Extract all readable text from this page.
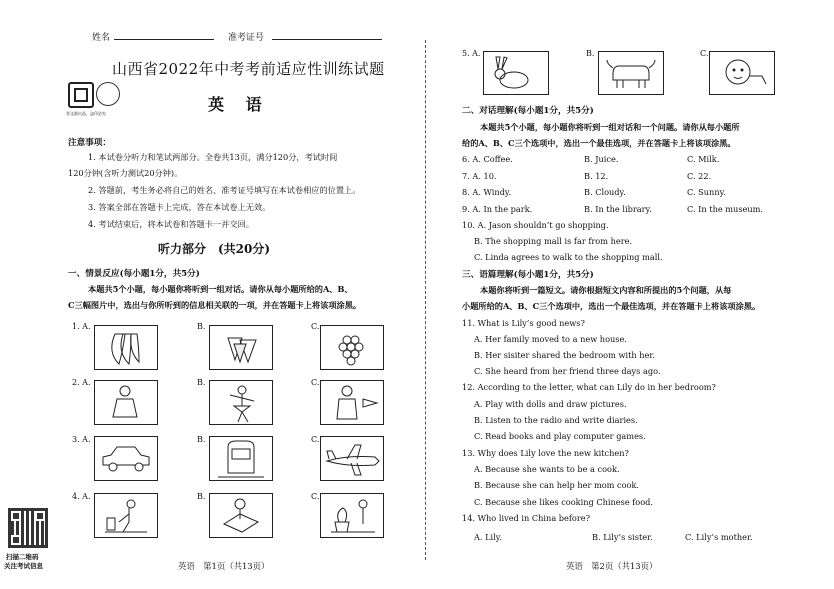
姓名	准考证号
山西省2022年中考考前适应性训练试题
晋文源出品，盗印必究	英 语
注意事项：
1. 本试卷分听力和笔试两部分。全卷共13页，满分120分，考试时间
120分钟(含听力测试20分钟)。
2. 答题前，考生务必将自己的姓名、准考证号填写在本试卷相应的位置上。
3. 答案全部在答题卡上完成，答在本试卷上无效。
4. 考试结束后，将本试卷和答题卡一并交回。
听力部分　(共20分)
一、情景反应(每小题1分，共5分)
本题共5个小题，每小题你将听到一组对话。请你从每小题所给的A、B、
C三幅图片中，选出与你所听到的信息相关联的一项，并在答题卡上将该项涂黑。
1. A.	B.	C.
2. A.	B.	C.
3. A.	B.	C.
4. A.	B.	C.
扫描二维码
关注考试信息	英语　第1页（共13页）
5. A.	B.	C.
二、对话理解(每小题1分，共5分)
本题共5个小题，每小题你将听到一组对话和一个问题。请你从每小题所
给的A、B、C三个选项中，选出一个最佳选项，并在答题卡上将该项涂黑。
6. A. Coffee.	B. Juice.	C. Milk.
7. A. 10.	B. 12.	C. 22.
8. A. Windy.	B. Cloudy.	C. Sunny.
9. A. In the park.	B. In the library.	C. In the museum.
10. A. Jason shouldn’t go shopping.
B. The shopping mall is far from here.
C. Linda agrees to walk to the shopping mall.
三、语篇理解(每小题1分，共5分)
本题你将听到一篇短文。请你根据短文内容和所提出的5个问题，从每
小题所给的A、B、C三个选项中，选出一个最佳选项，并在答题卡上将该项涂黑。
11. What is Lily’s good news?
A. Her family moved to a new house.
B. Her sisiter shared the bedroom with her.
C. She heard from her friend three days ago.
12. According to the letter, what can Lily do in her bedroom?
A. Play with dolls and draw pictures.
B. Listen to the radio and write diaries.
C. Read books and play computer games.
13. Why does Lily love the new kitchen?
A. Because she wants to be a cook.
B. Because she can help her mom cook.
C. Because she likes cooking Chinese food.
14. Who lived in China before?
A. Lily.	B. Lily’s sister.	C. Lily’s mother.
英语　第2页（共13页）
